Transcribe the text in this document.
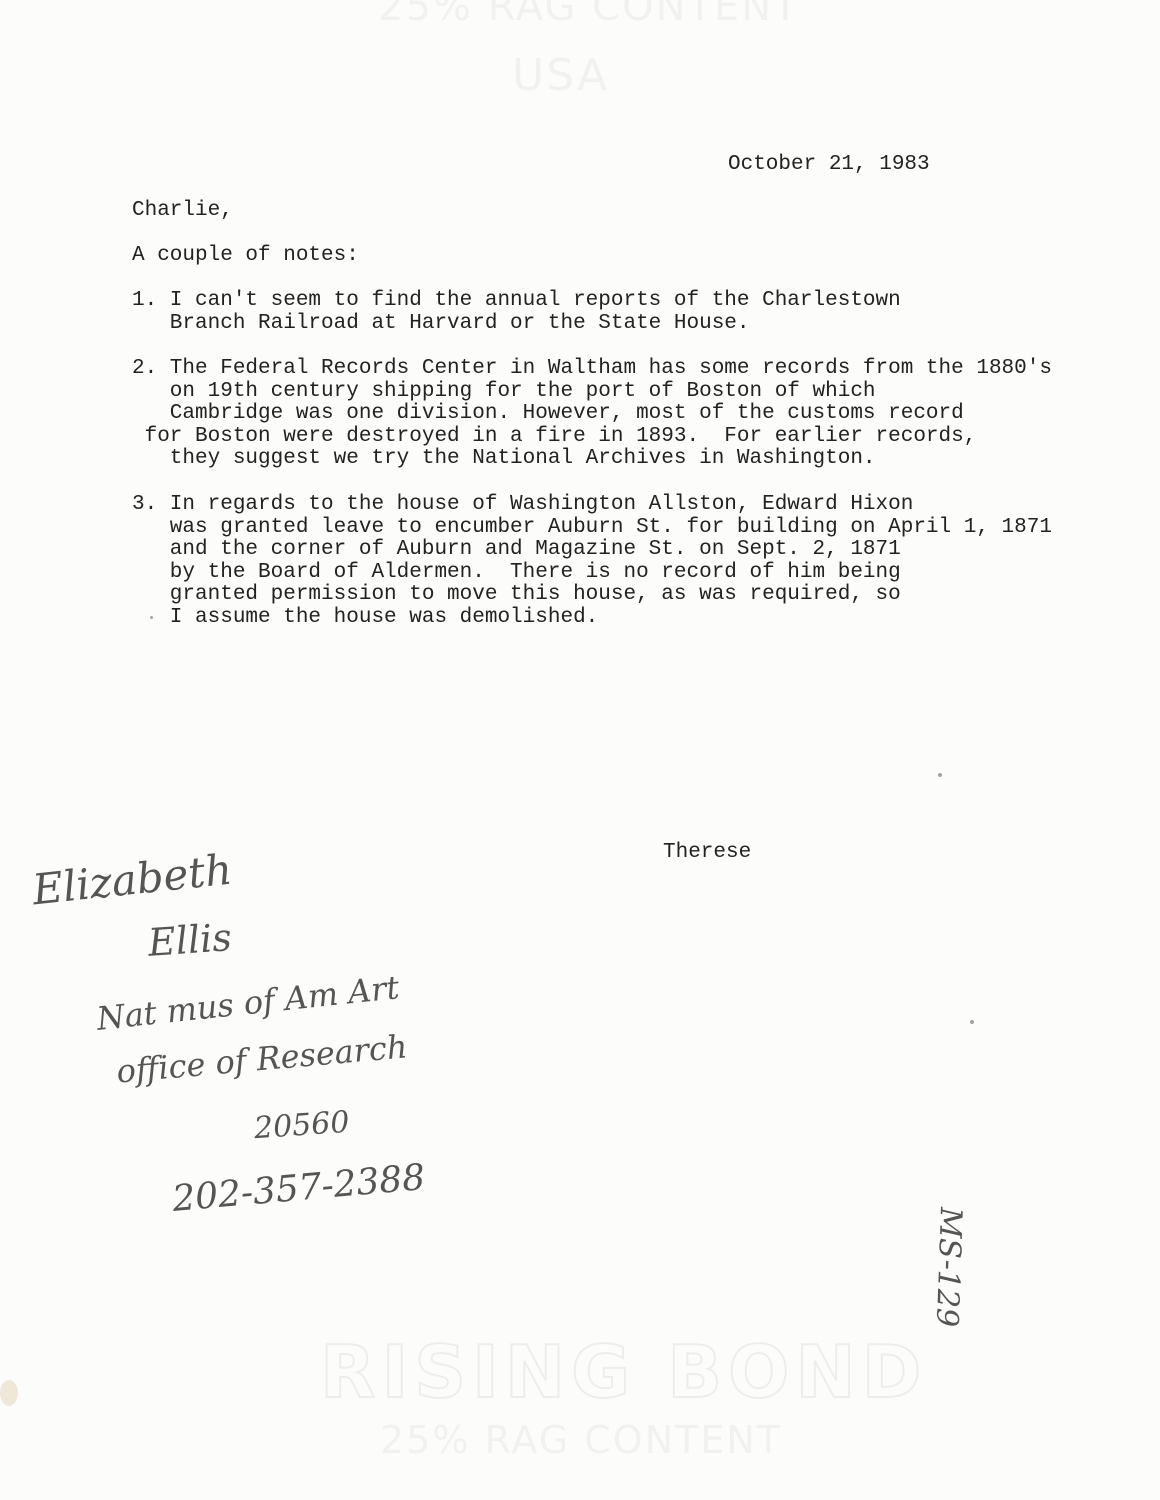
RISING BOND
October 21, 1983
Charlie,
A couple of notes:
1. I can't seem to find the annual reports of the Charlestown
Branch Railroad at Harvard or the State House.
2. The Federal Records Center in Waltham has some records from the 1880's
on 19th century shipping for the port of Boston of which
Cambridge was one division. However, most of the customs record
for Boston were destroyed in a fire in 1893.  For earlier records,
they suggest we try the National Archives in Washington.
3. In regards to the house of Washington Allston, Edward Hixon
was granted leave to encumber Auburn St. for building on April 1, 1871
and the corner of Auburn and Magazine St. on Sept. 2, 1871
by the Board of Aldermen.  There is no record of him being
granted permission to move this house, as was required, so
I assume the house was demolished.
Therese
Elizabeth
Ellis
Nat mus of Am Art
office of Research
20560
202-357-2388
MS-129
